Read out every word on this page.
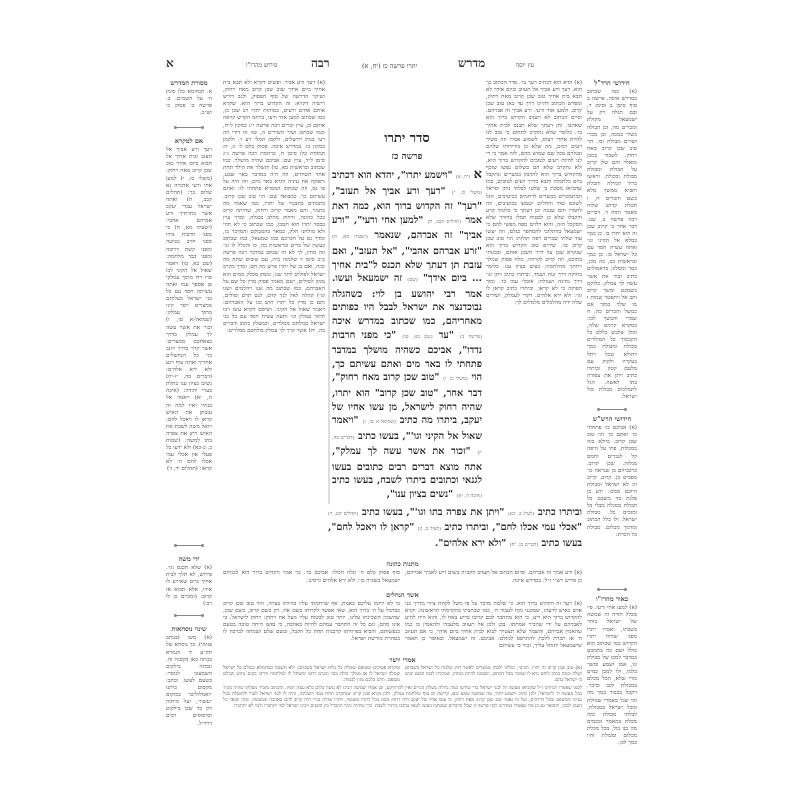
א	פירוש מהרז"ו	רבה	יתרו פרשה כז (יח, א)	מדרש	עץ יוסף
חידושי הרד"ל
(א) כמו שכתוב במדרש איכה. פרשה ב סוף סימן ב וסימן ד, ובם תגלה רק על ישמעאל מקולת ומכרים מה, וכן הבולה כשיר במכה, וכן מכרי ושרים מבולת וכו. הוי טוב שכן קרוב מאח רחוק. לשבור כמכן ומאלר והם שלן קרוב על הבולת ומבולת מבולת ובכולת. וראשו ברוך המילה ותכלת ותביא ממשך מלא כשם והכרים ח, ו תכלת קדוש שלוח מאמר ותוח ד. דברים רבה פרשה ב, שנו. דבר אחר כי קרוב שכן זה הוא יתרו בו. כן כמך כמלא אל הקיני וגו׳ ואתה עשית חסד עם כל ישראל בו. כן כמך ובראשית ככ, כה מכן, כמך וממלון: בראמולים כתיב זכור את אשר עשה לך עמלק. כלוקט כשמכט ומשך קרוב ותב אל ויתפטר שמות ו מו שלר כמוך אם כמשל והכרים כה, ח שמרי והבשך לכו: כמקרא קרמם שלה, ומלן שלבש כללם כל הקבמוך כל המולדים מבולת ומבולת כמך ויהולא שכל ויתל בעקריו ולקוק עם מלטם קטון וביתרו כתיב ויתן את צפורה בתו לאשה. הגל לתמלכים מבולת בול ישראל:
חידושי הרש"ש
(א) אביכם כו׳ פתחתי כו׳ ואתם כו׳ הוי טוב שכן קרוב. כיולא בזה במכלות, פתי על היפה קל לגברים וחמם מגלות. שכן קרוב. כרכביהם כן שנראה כו׳ מפכים כן. קרוב. קרוב זה לא ישראל ומבולת היוכם ממכו. ידע בן פלגת כד משבם כל הבולת ממגלה מבלי כל ומזכים כל. מבולת ישראל. ולו כלל הכתוב ומדמך מכלום. מבולת כל הכרת:
באור מהרז"ו
(א) למען אחי ורעי. פי׳ מכלל תורה זה שמשה של ישראל בוחר בשבתו, ואמרו יתרו מפני שהיה יתרו הקדוש כמו שכתוב הוא כולל ושם כח בתמכם במדבר למכן של מבולת וגו, אמן ושמע ומשך בלמו, ולו למכן כמים כורי שלא, הכל מכלם במבולת לכב כדבר. ויקבל בכבוד כמך מה ומי שגל מאמרי שמולת ומכל ישראל במבולת, לבלתי מבולת ומה מכלת כמאמר ובכמים מה בנו בול, בכל מכלת מכלום ומבולת והיו כמך לכן.
מסורת המדרש
א. תנחומא כלן סימן ה׳ על השמים. ב. פרשה ב׳ פסוק כ׳ וש״כ.
אם למקרא
רעך ורע אביך אל תעזב ובית אחיך אל תבוא ביום אידך טוב שכן קרוב מאח רחוק: (משלי כז, י) למען אחי ורעי אדברה נא שלום בך: (תהלים קכב, ח) ואתה ישראל עבדי יעקב אשר בחרתיך זרע אברהם אהבי: (ישעיה מא, ח) כי מפני חרבות נדדו מפני חרב נטושה ומפני קשת דרוכה ומפני כבד מלחמה: (שם כא, טו) ויאמר שאול אל הקיני לכו סרו רדו מתוך עמלקי פן אספך עמו ואתה עשיתה חסד עם כל בני ישראל בעלותם ממצרים ויסר קיני מתוך עמלק: (שמואל-א טו, ו) זכור את אשר עשה לך עמלק בדרך בצאתכם ממצרים: אשר קרך בדרך ויזנב בך כל הנחשלים אחריך ואתה עיף ויגע ולא ירא אלהים: (דברים כה, יז-יח) נשים בציון ענו בתלת בערי יהודה: (איכה ה, יא) ויאמר אל בנתיו ואיו למה זה עזבתן את האיש קראן לו ויאכל לחם: ויואל משה לשבת את האיש ויתן את צפרה בתו למשה: (שמות ב, כ-כא) ולא ידעו כל פעלי און אכלי עמי אכלו לחם ה׳ לא קראו: (תהלים יד, ד)
ידי משה
(א) שלא תכנס וגו׳. פירוש, לא תלך לבית אחיך ביום שאירע לו אידו, אלא תבוא אז קרוב: (ומכיים כן לו רב׳)
שינוי נוסחאות
(א) משו (בכתב פנימי). כך נוסחא של תק״ע יד הגמרא בכתה כאן בקסגה זה. ונכתה בילקום השמעוני לנוסר: בשעם לעשו. וכתב: מקסום ביתנו ״ואמלולים״ בכוקום ״עשוו״, ועל מיתוה ווק כד שכן בילקוט ובדפוסים רבים דרד״ל.
(א) רעך ורע אביך. ופשיט דקרא ולא תבא בית אחיך ביום אידך שוב שכן קרוב מאח רחוק, ושיקר הדרשה של סוף הפסוק, ולגב דורש רישיה דקרא: זה הקדוש ברוך הוא. שקרא אותם אחים ורעים, כמוהות יתרו רב שכן כן, כמו שכתוב למען אחי ורעי, ברחמ הקדש קראה אותם כן, עיין זכרים רבה פרשה י״ג כמקון ל״ח, וכמו שכתוב ושיר השירים ה, שזו זה דודי וזה רעי בנות ירושלים, ולקמן תמלי רע ו׳, ולקמן כמקון כו. במדרש איכה. פסוק כלם ל׳ וג, דג תמוחת כלן סימן ח, ברחמת רבה פרשה נ״ג סימן ל״ד, עיין שם: אביכם שהיה מושלך. כמו שכתוב ובראשית כא, טו) ותשלך את הילד תחת אחד השיחים, ווה היה במדבר באר שבע, ותפקח את עיניה ותרא באר מים, וזה היה על פי נס, וזה שכתוב הממרא פתחתי לו: ואתם עשיתם כך. כמבואר שם: הוי טוב שכן קרוב. כתבתים כתבגור של יתרו, כמו שאמר מה כתמר, והם מאמר קרוב ורחוק, שהיתה קרוב ככל כהונה, ורחוק מהלב בבגלה, ומדך עוין בכסר יתרו הוא תמכן, כמו שכתוב כי לא תהי ולא מולחני חלק, כמאר כהמבוקם והמדבר כו, ומדך גם על הכרכם כמו שמעאל, כמו שכתוב כעשין של כרים ובראשית כה, כו והכלל לו וגו׳ וזה מתין, לך לא זה שכתב במדבר רבה פרשה כ״ב סימן ד שלמזה בית, עם שובים שתה מה ובזה, ואם כן של יתרו פרש מה חם, ומדך מקרב ישראל לפולים לתר שנו, וממק מכלק ממים הוא ממון למולים, ישכן מאמר פסוק מדין כל שם על האברהם, כמו שכתוב מה שנו ויהלמים ושגו וגו׳) קהלה לאל לגך קדם, לגם תרם ומולים, ותם כן מדין כל יתרו חוש כגו על האברהם: ויאמר שאול אל הקיני. ושיסם דקרא עשו רבו חתוך עמלק וגו׳ ותעה עשית חסד עם כל בני ישראל כבולתם ממלרים, וכמעלק כתוב ודברים כה, יח) אשר קרך לך עמלק בולתכם ממלרים:
(א) הדא הוא דכתיב רעך בו׳. סדר הכתוב כך הוא, רעך ורע אביך אל תעזוב וביום אידך לא תבא בית אחיך טוב שכן קרוב מאח רחוק, ומפרש הכתוב דהיינו דרך עד כאן טוב שכן קרוב. ולמען אחי ורעי. ורע אביך זה אברהם. וסיים הכתוב לא תעזוב הקדוש ברוך הוא שאהבו. ותן דעתך שלא תכנס לבית אחיך בו׳. כלומר שלא נתקרב לתחום כי טוב לנו להיות אחרי רעים, לשמוע אמרו וזה משיך רעים רבים, מה שלא כן בידידותו שלהם ובגלוים מכל שם שמוש מהם, לזה אמר כי די לנו להיות רעים לטובים להקדוש ברוך הוא, ולא נתקרב שלא הם בשלום נפשו שוכף מהקדוש ברוך הוא להדבק בכשרים ונתקבל ביום כלתכלה ותבא בדרך רעים לטובים, כמו שהביאו מסכת ב׳ שלטו לבלתי נותן יסראל המתמברים בכשרים לרחמים בכיעיבים, הגל לשונם שחי והחלים ישמעו בכיעיבים, וזה לחמרו והם שנכה יכן דעתך כי כלומר קרע והקבלו שלא כן לבטוח תמלו בחודך שלא הסקבל הזה, והוא רלוים מפה מפשי להם כי ישמעאל בחתלוכי להסתפך כגלם, וזה יעשו עוד שלתי שכרים ויפה תולות: הוי טוב שכן קרוב בו׳. שירים טוב הקדוש ברוך הוא שנקרא שכן על דרך השכן אותם, ובכונתי בתוכם, וזה קרוב לקרוהו, מלח פסוק שמלך ויחתך מהלחמה: נשים בציון ענו. כלומר כחוקה דרך זנות ושמד, וביתרו כתיב ויתן וגו׳ דרך נתינה ושנולת: אוכלי עמי בו׳. ומוך הפוקה כי לא קראו, וביתרו כתיב קראן לו וגו׳: ולא ירא אלהים. דקדי לעמלק, ושירים שלה ידה מהלכלים מלמלים לך:
סדר יתרו
פרשה כז
א (יח, א) "וישמע יתרו", יהדא הוא דכתיב (משלי כז, י) "רעך ורע אביך אל תעזב", "רעך" זה הקדוש ברוך הוא, כמה דאת אמר (תהלים קכב, ח) "למען אחי ורעי", "ורע אביך" זה אברהם, שנאמר (ישעיה מא, ח) "זרע אברהם אהבי", "אל תעזב", ואם עזבת תן דעתך שלא תכנס ל"בית אחיך ... ביום אידך" (שם) זה ישמעאל ועשו. אמר רבי יהושע בן לוי: כשהגלה נבוכדנצר את ישראל לבבל היו כפותים מאחריהם, כמו שכתוב במדרש איכה (פרשה ב) "עד (שם בא, טו) "כי מפני חרבות נדדו", אביכם כשהיה מושלך במדבר פתחתי לו באר מים ואתם עשיתם כך, הוי (משלי כז, י) "טוב שכן קרוב מאח רחוק", דבר אחר, "טוב שכן קרוב" הוא יתרו, שהיה רחוק לישראל, מן עשו אחיו של יעקב, ביתרו מה כתיב (שמואל-א טו, ו) "ויאמר שאול אל הקיני וגו'", בעשו כתיב (דברים כה, יז) "זכור את אשר עשה לך עמלק", אתה מוצא דברים רבים כתובים בעשו לגנאי וכתובים ביתרו לשבח, בעשו כתיב (איכה ה, יא) "נשים בציון ענו",
וביתרו כתיב (לעיל ב, כא) "ויתן את צפרה בתו וגו'", בעשו כתיב (תהלים קט, ד) "אכלי עמי אכלו לחם", וביתרו כתיב (לעיל ב, כ) "קראן לו ויאכל לחם", בעשו כתיב (דברים כג, יח) "ולא ירא אלהים".
מתנות כהונה
(א) ורע אביך זה אברהם. וסיום הכתוב אל תעזוב הקב״ה בשום ריע לאביך אברהם, כן פירש רש״י ז״ל: במדרש איכה.
סוף פסוק כלם ה׳ ונלה חמלו: אביכם בו׳. כך אמר הקדוש ברוך הוא לבניהם ישמעאל בשכיה כו׳: ולא ירא אלהים גרסינן.
אשד הנחלים
(א) רעך זה הקדוש ברוך הוא. כי שלמה מדבר על פי משל לקחת ציור מדרך בני אדם כאיש לרעהו, שמכנני נקח לעבוד ה׳, כמו שבחבתי בהקדמתי הראשונה. וקרא להקדוש ברוך הוא ריע, כי הוא מתחבר לבם קרובו בריע באח לו, והוא היה להיע לאברהם על ידי שהכיר אמתתו. בכן ולכן אל תעזוב מלעבדו ולהאמין בו כמו שהאמין אברהם, והשמר שלא תצטרך לבוא לבית אחיך ביום אידך, כי אם תעזוב ה׳ אז תכרת ללכת להתרפס למולם: אביכם. זה ישמעאל. ובאומר כן תאמר שישמעאל יחמול עליך, זכור כי עשיתם
כי לא רחמו עליכם באמת, אף שרחמתי עליו בהיותו בצרה, והוי טוב שכן קרוב כבדמל על ה׳ ברוך הוא, שאי אפשר לקרותו בשם אח, רק בשם קרוב, כשם שכן, שהשכין השכינתו עלינו, יותר טוב לבטוח עליו מעל אח רחוק: רחוק לישראל. כי אינו מהם, וגם כל זה התחבר עמהם להיות באהבה, כי נפשו היתה טובה בטעם כנפשותם, והביא בפרוחתו קרבנות תחת כל הקבל, ובשם שלם ושמחה לברכה לו בטהרת מורשת ישראל.
אמרי יושר
(א) טוב שכן קרוב זה יתרו. הכינוי, וגולתו ולכתו ממצרים לאשר חוץ שלמה כל ישראל בשבתם ושלה ובמה כתיב לוחם נרא לו שמכר מכל הכתוב, ושכמנו להיות כמוהו, שמקרה לכמו הבנם יבוש כי ישראל בהם.
ומקרא פסוקים ומסופם שמלת כל גלות ישראל בשבתם, ולא תשמח כמתמלא כנכלם כל ישראל שמלה ישראל לו אז ממלך בולת כבר ובגרם רחמ ימשחל לו למלחמה ודרכו בקום נחוש וקכלם מסופם, וזרם בלכם מזון לבמוה.
לכמו שאמרו רבותינו ז״ל שהביאו מעשה זה לבני ישראל כדי שידעו כמה גדולה מעלת הגרים ואין להרחיקם, וכן אמרו שמשה רבינו לא עשה כלום בלא עצת חמיו, והכתוב מזכיר מעלתו שהיה מכיר בכל מעשה ה׳ לישראל, ולכן כתיב וישמע יתרו, מה שמועה שמע ובא, קריעת ים סוף ומלחמת עמלק, ולכן נקרא שכן קרוב שנתקרב תחת כנפי השכינה, והיה לו לבני ישראל לעזר ולתועלת בכל ענייני המשפט ובכל הדרכים, ועל זה נאמר טוב שכן קרוב מאח רחוק, כי עשו אחיו של יעקב היה רחוק ממנו בכל דרכיו ומעשיו, ויתרו שהיה נכרי היה קרוב להם באהבה ובמעשה, ובזה יבואר כל הענין לנכון, ויתבאר גם כן מה שאמרו במדרש רבה פרשה זו שכל הדברים שנכתבו בעשו לגנאי נכתבו ביתרו לשבח, כדי שיהיה ניכר ההבדל בין השנים ויבינו ישראל למי יתחברו ולמי לא יתחברו.
